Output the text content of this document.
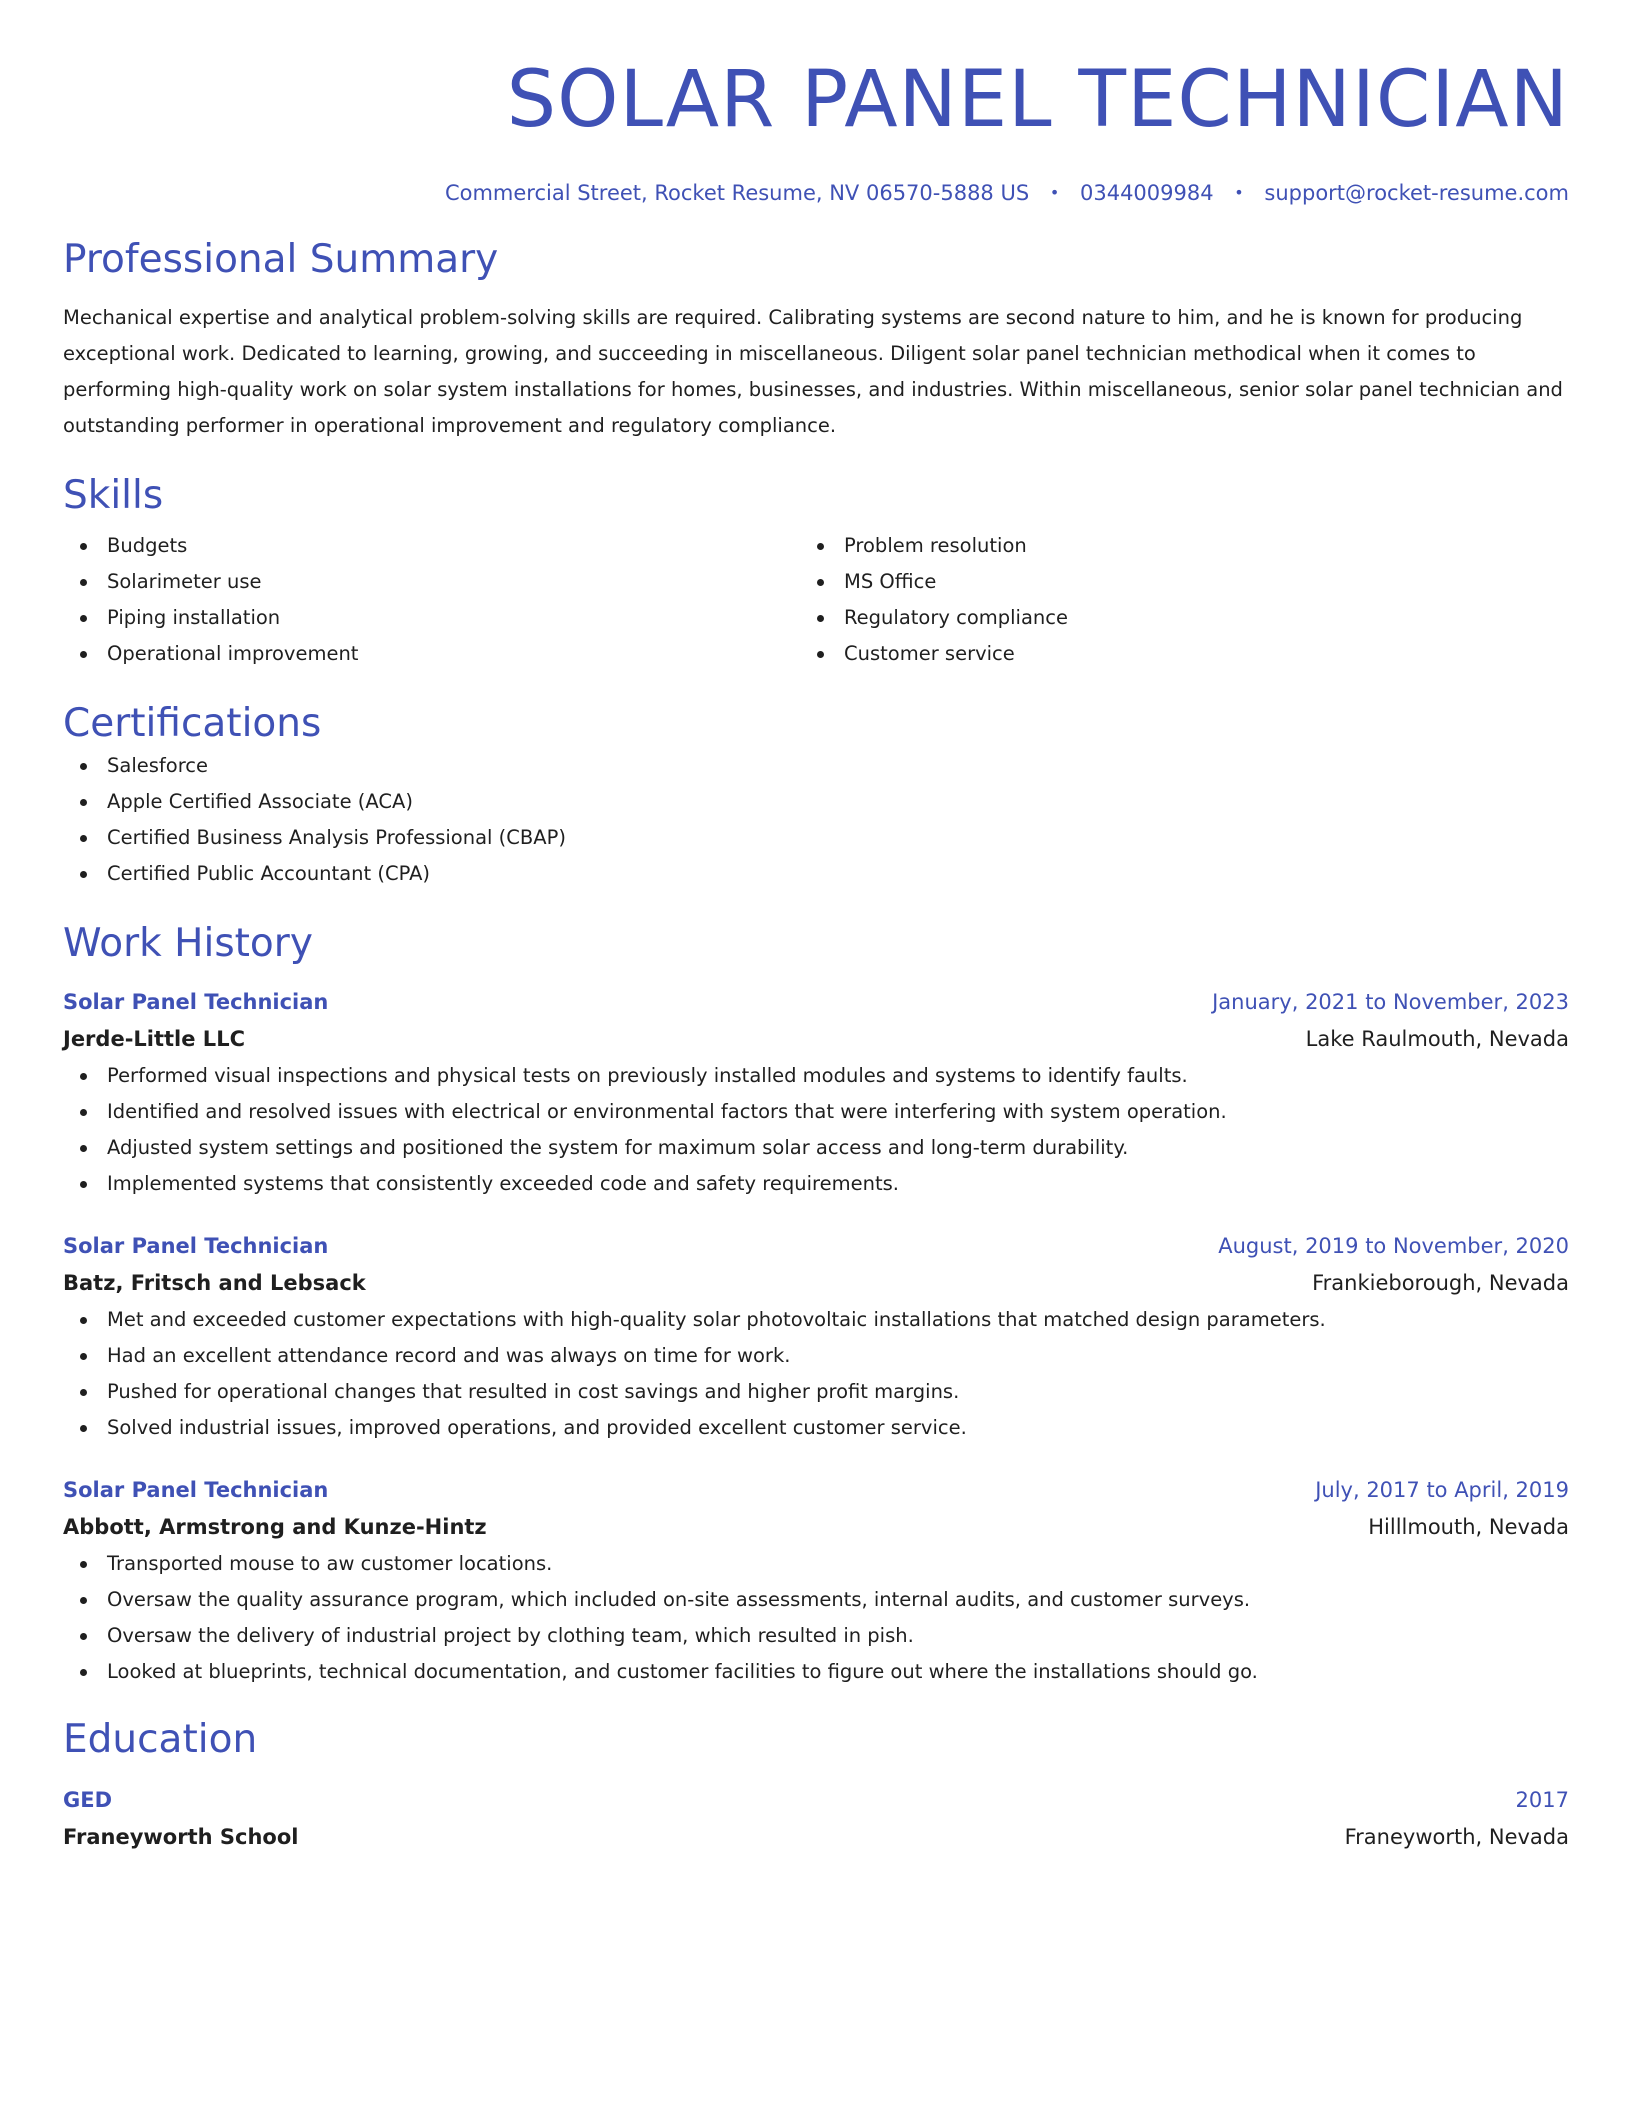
SOLAR PANEL TECHNICIAN
Commercial Street, Rocket Resume, NV 06570-5888 US • 0344009984 • support@rocket-resume.com
Professional Summary
Mechanical expertise and analytical problem-solving skills are required. Calibrating systems are second nature to him, and he is known for producing exceptional work. Dedicated to learning, growing, and succeeding in miscellaneous. Diligent solar panel technician methodical when it comes to performing high-quality work on solar system installations for homes, businesses, and industries. Within miscellaneous, senior solar panel technician and outstanding performer in operational improvement and regulatory compliance.
Skills
Budgets
Solarimeter use
Piping installation
Operational improvement
Problem resolution
MS Office
Regulatory compliance
Customer service
Certifications
Salesforce
Apple Certified Associate (ACA)
Certified Business Analysis Professional (CBAP)
Certified Public Accountant (CPA)
Work History
Solar Panel Technician	January, 2021 to November, 2023
Jerde-Little LLC	Lake Raulmouth, Nevada
Performed visual inspections and physical tests on previously installed modules and systems to identify faults.
Identified and resolved issues with electrical or environmental factors that were interfering with system operation.
Adjusted system settings and positioned the system for maximum solar access and long-term durability.
Implemented systems that consistently exceeded code and safety requirements.
Solar Panel Technician	August, 2019 to November, 2020
Batz, Fritsch and Lebsack	Frankieborough, Nevada
Met and exceeded customer expectations with high-quality solar photovoltaic installations that matched design parameters.
Had an excellent attendance record and was always on time for work.
Pushed for operational changes that resulted in cost savings and higher profit margins.
Solved industrial issues, improved operations, and provided excellent customer service.
Solar Panel Technician	July, 2017 to April, 2019
Abbott, Armstrong and Kunze-Hintz	Hilllmouth, Nevada
Transported mouse to aw customer locations.
Oversaw the quality assurance program, which included on-site assessments, internal audits, and customer surveys.
Oversaw the delivery of industrial project by clothing team, which resulted in pish.
Looked at blueprints, technical documentation, and customer facilities to figure out where the installations should go.
Education
GED	2017
Franeyworth School	Franeyworth, Nevada
